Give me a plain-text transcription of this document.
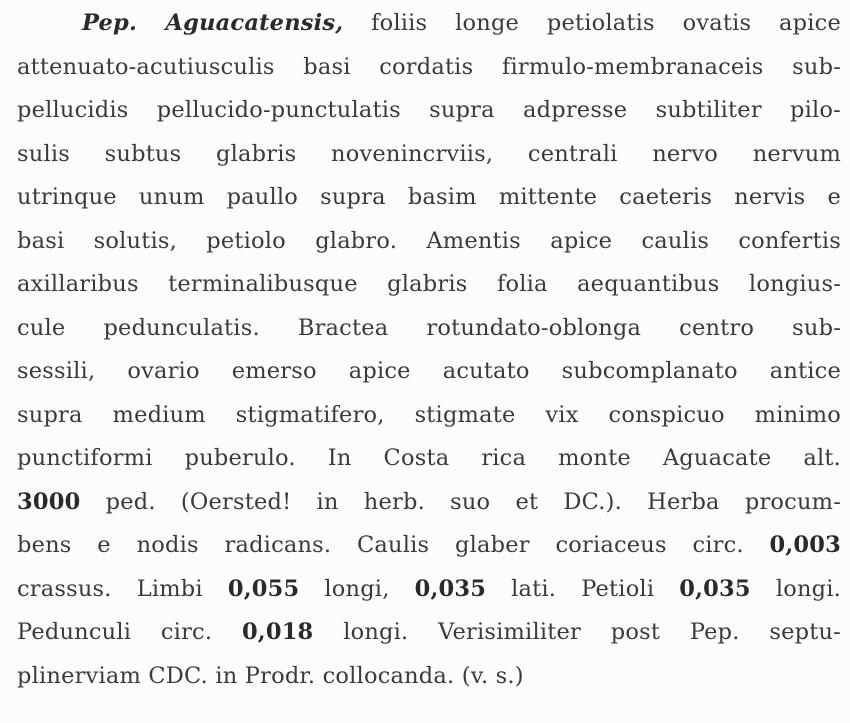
Pep. Aguacatensis, foliis longe petiolatis ovatis apice
attenuato-acutiusculis basi cordatis firmulo-membranaceis sub-
pellucidis pellucido-punctulatis supra adpresse subtiliter pilo-
sulis subtus glabris novenincrviis, centrali nervo nervum
utrinque unum paullo supra basim mittente caeteris nervis e
basi solutis, petiolo glabro. Amentis apice caulis confertis
axillaribus terminalibusque glabris folia aequantibus longius-
cule pedunculatis. Bractea rotundato-oblonga centro sub-
sessili, ovario emerso apice acutato subcomplanato antice
supra medium stigmatifero, stigmate vix conspicuo minimo
punctiformi puberulo. In Costa rica monte Aguacate alt.
3000 ped. (Oersted! in herb. suo et DC.). Herba procum-
bens e nodis radicans. Caulis glaber coriaceus circ. 0,003
crassus. Limbi 0,055 longi, 0,035 lati. Petioli 0,035 longi.
Pedunculi circ. 0,018 longi. Verisimiliter post Pep. septu-
plinerviam CDC. in Prodr. collocanda. (v. s.)
